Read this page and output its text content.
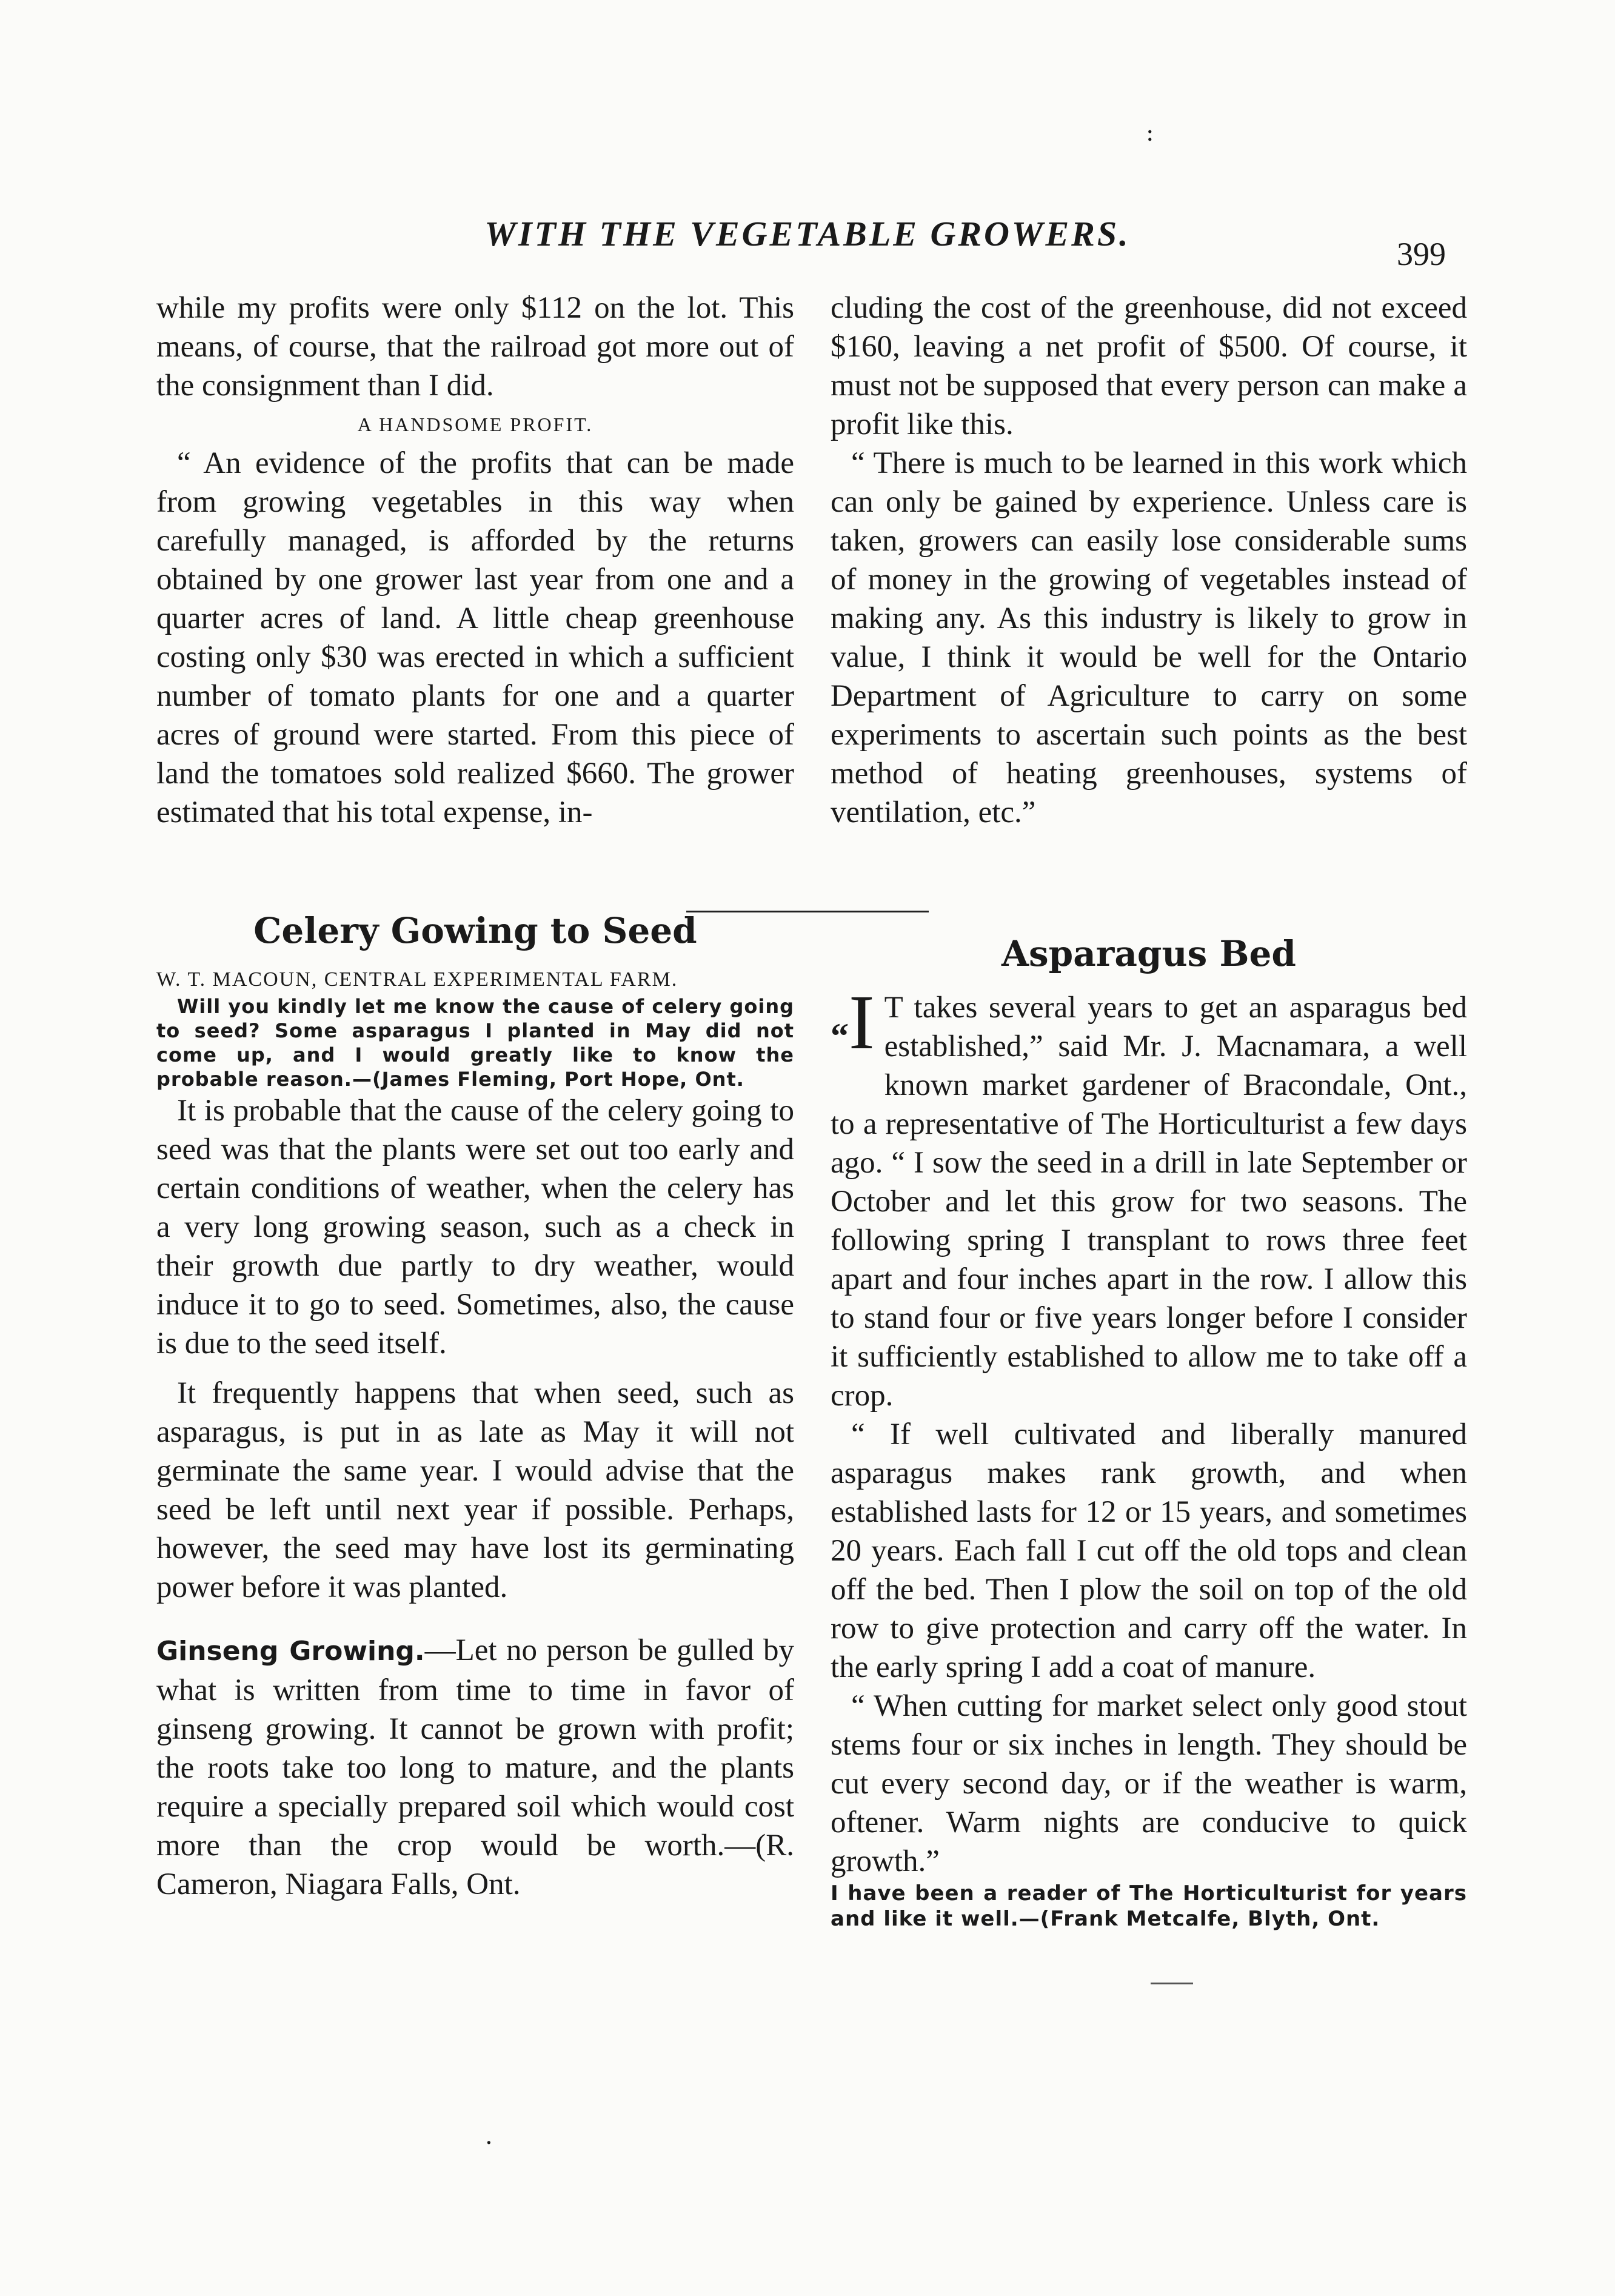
:
WITH THE VEGETABLE GROWERS.
399

while my profits were only $112 on the lot. This means, of course, that the railroad got more out of the consignment than I did.

A HANDSOME PROFIT.

“ An evidence of the profits that can be made from growing vegetables in this way when carefully managed, is afforded by the returns obtained by one grower last year from one and a quarter acres of land. A little cheap greenhouse costing only $30 was erected in which a sufficient number of tomato plants for one and a quarter acres of ground were started. From this piece of land the tomatoes sold realized $660. The grower estimated that his total expense, in-

cluding the cost of the greenhouse, did not exceed $160, leaving a net profit of $500. Of course, it must not be supposed that every person can make a profit like this.

“ There is much to be learned in this work which can only be gained by experience. Unless care is taken, growers can easily lose considerable sums of money in the growing of vegetables instead of making any. As this industry is likely to grow in value, I think it would be well for the Ontario Department of Agriculture to carry on some experiments to ascertain such points as the best method of heating greenhouses, systems of ventilation, etc.”

Celery Gowing to Seed

W. T. MACOUN, CENTRAL EXPERIMENTAL FARM.

Will you kindly let me know the cause of celery going to seed? Some asparagus I planted in May did not come up, and I would greatly like to know the probable reason.—(James Fleming, Port Hope, Ont.

It is probable that the cause of the celery going to seed was that the plants were set out too early and certain conditions of weather, when the celery has a very long growing season, such as a check in their growth due partly to dry weather, would induce it to go to seed. Sometimes, also, the cause is due to the seed itself.

It frequently happens that when seed, such as asparagus, is put in as late as May it will not germinate the same year. I would advise that the seed be left until next year if possible. Perhaps, however, the seed may have lost its germinating power before it was planted.

Ginseng Growing.—Let no person be gulled by what is written from time to time in favor of ginseng growing. It cannot be grown with profit; the roots take too long to mature, and the plants require a specially prepared soil which would cost more than the crop would be worth.—(R. Cameron, Niagara Falls, Ont.

Asparagus Bed

“I T takes several years to get an asparagus bed established,” said Mr. J. Macnamara, a well known market gardener of Bracondale, Ont., to a representative of The Horticulturist a few days ago. “ I sow the seed in a drill in late September or October and let this grow for two seasons. The following spring I transplant to rows three feet apart and four inches apart in the row. I allow this to stand four or five years longer before I consider it sufficiently established to allow me to take off a crop.

“ If well cultivated and liberally manured asparagus makes rank growth, and when established lasts for 12 or 15 years, and sometimes 20 years. Each fall I cut off the old tops and clean off the bed. Then I plow the soil on top of the old row to give protection and carry off the water. In the early spring I add a coat of manure.

“ When cutting for market select only good stout stems four or six inches in length. They should be cut every second day, or if the weather is warm, oftener. Warm nights are conducive to quick growth.”

I have been a reader of The Horticulturist for years and like it well.—(Frank Metcalfe, Blyth, Ont.

.
